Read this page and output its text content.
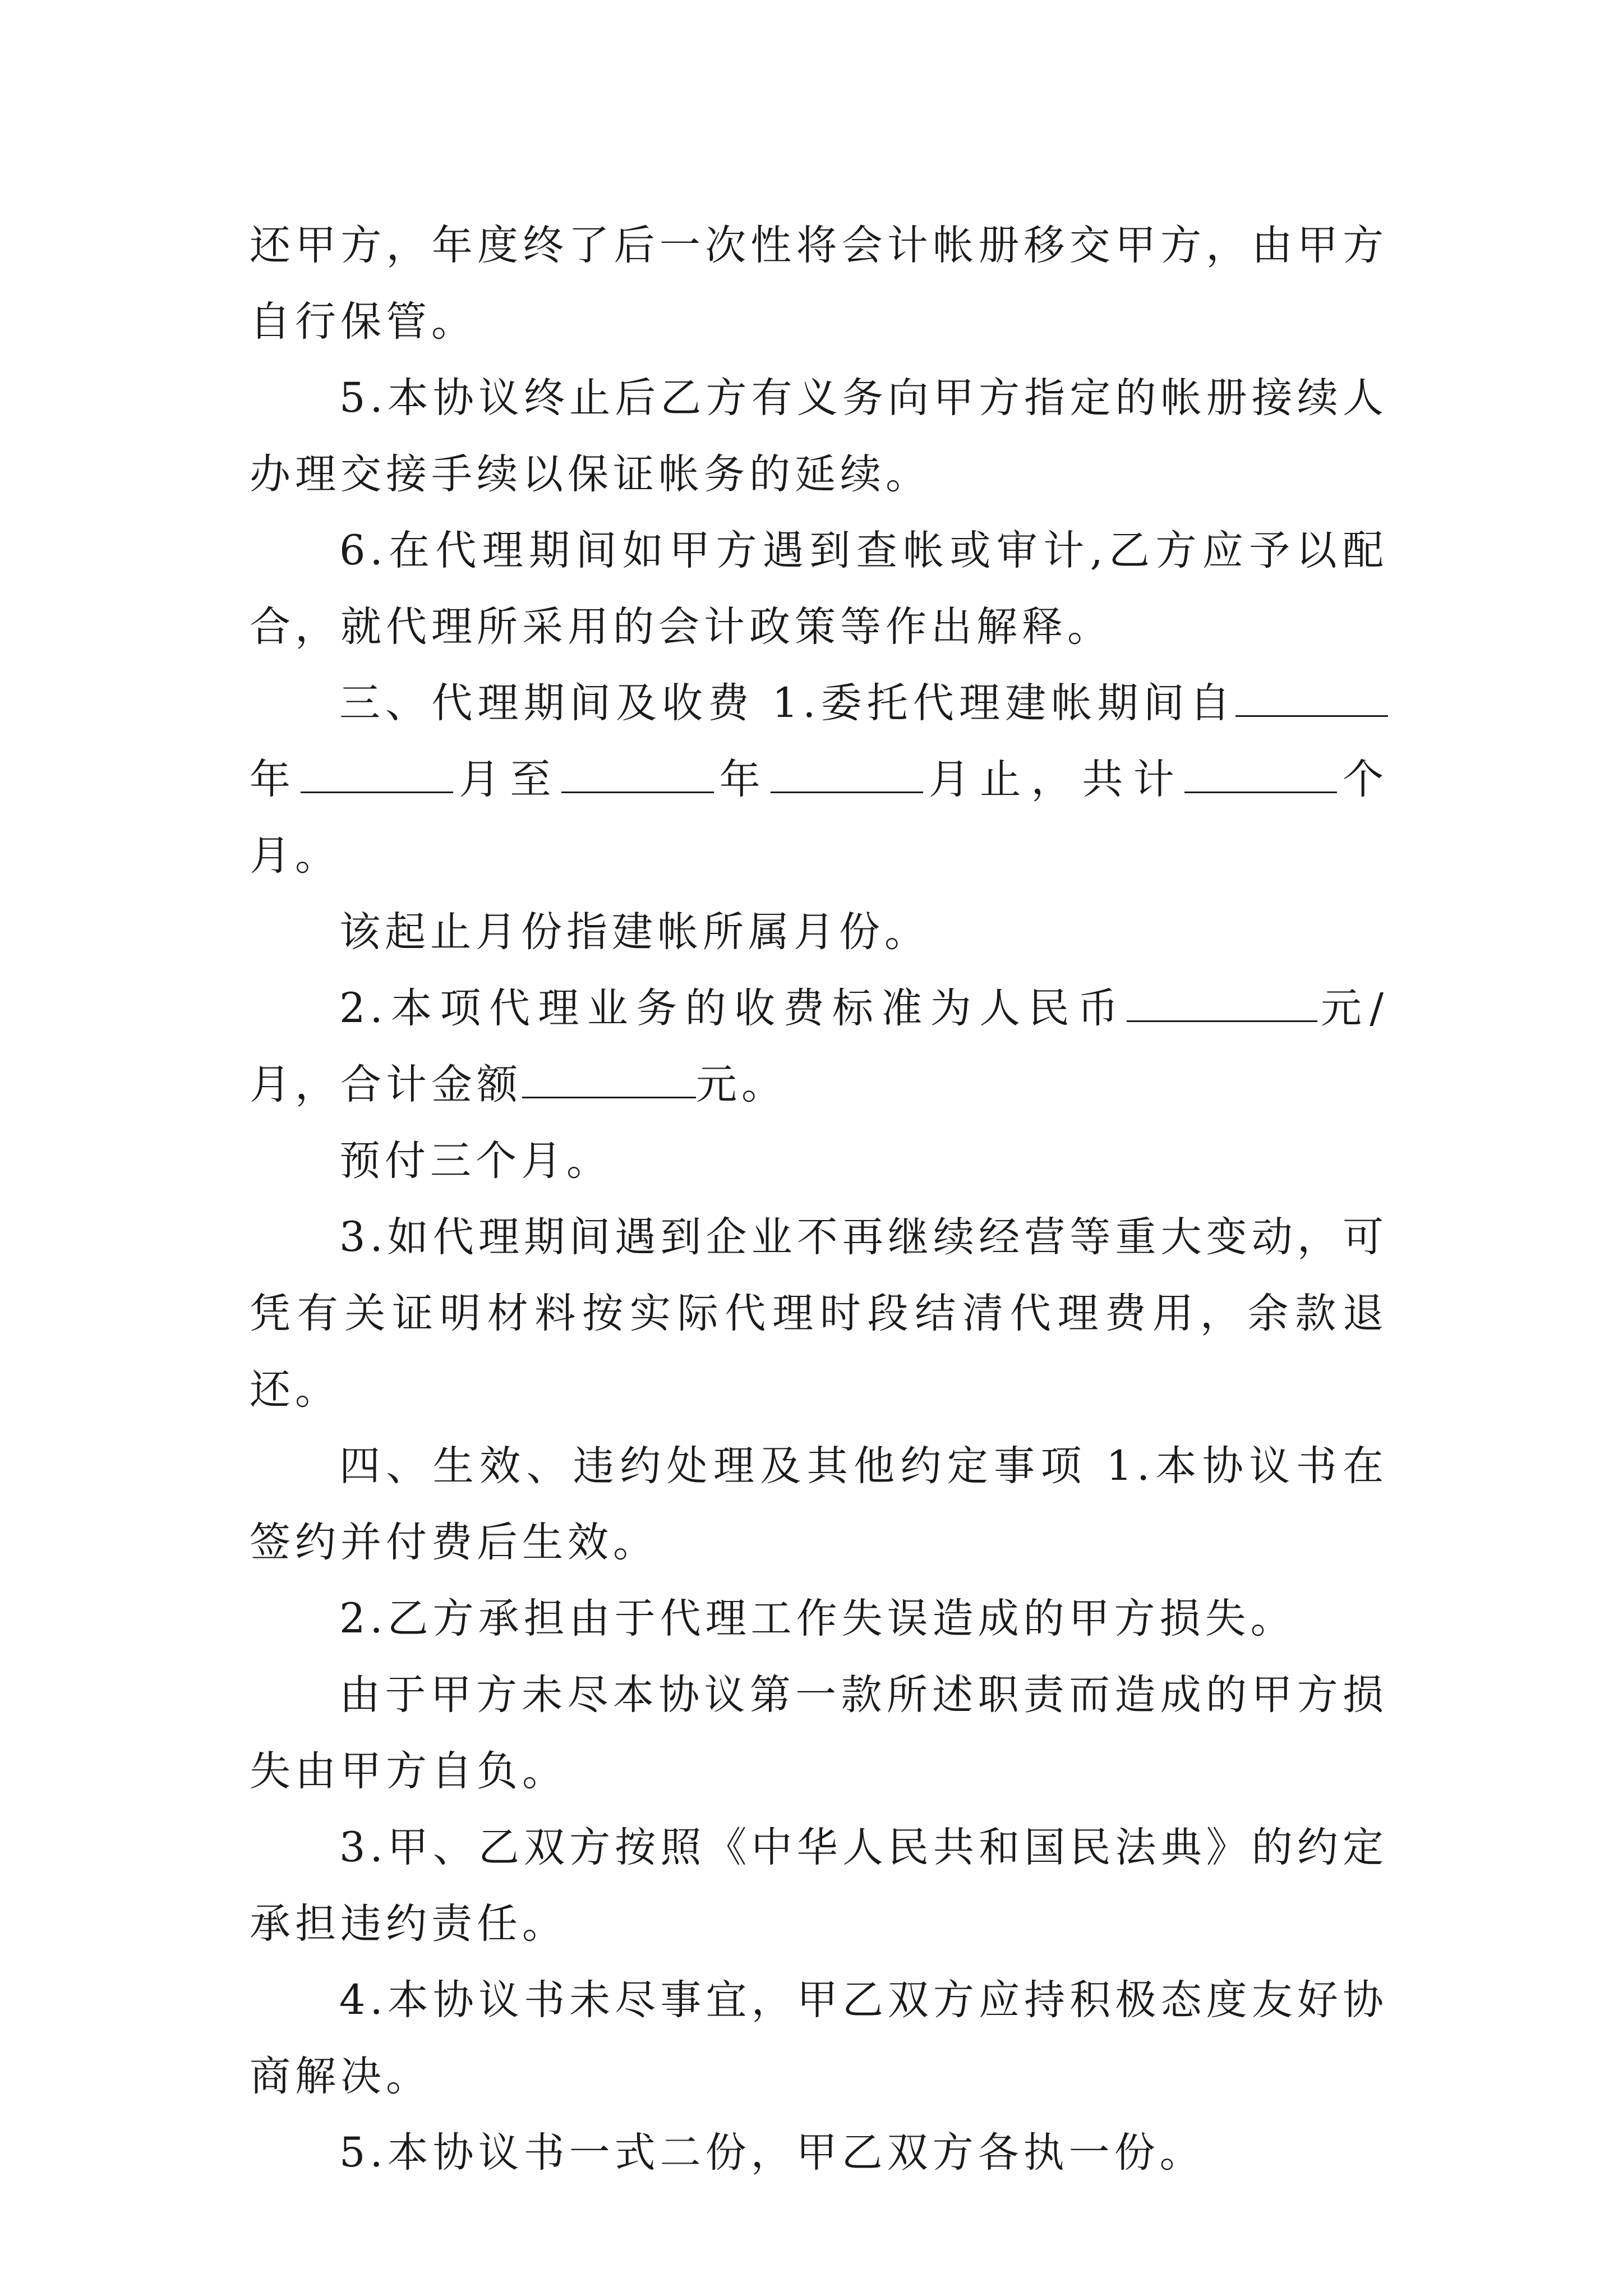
还甲方，年度终了后一次性将会计帐册移交甲方，由甲方自行保管。

5.本协议终止后乙方有义务向甲方指定的帐册接续人办理交接手续以保证帐务的延续。

6.在代理期间如甲方遇到查帐或审计,乙方应予以配合，就代理所采用的会计政策等作出解释。

三、代理期间及收费 1.委托代理建帐期间自年	月至	年	月止，共计	个月。

该起止月份指建帐所属月份。

2.本项代理业务的收费标准为人民币	元/月，合计金额	元。

预付三个月。

3.如代理期间遇到企业不再继续经营等重大变动，可凭有关证明材料按实际代理时段结清代理费用，余款退还。

四、生效、违约处理及其他约定事项 1.本协议书在签约并付费后生效。

2.乙方承担由于代理工作失误造成的甲方损失。

由于甲方未尽本协议第一款所述职责而造成的甲方损失由甲方自负。

3.甲、乙双方按照《中华人民共和国民法典》的约定承担违约责任。

4.本协议书未尽事宜，甲乙双方应持积极态度友好协商解决。

5.本协议书一式二份，甲乙双方各执一份。
